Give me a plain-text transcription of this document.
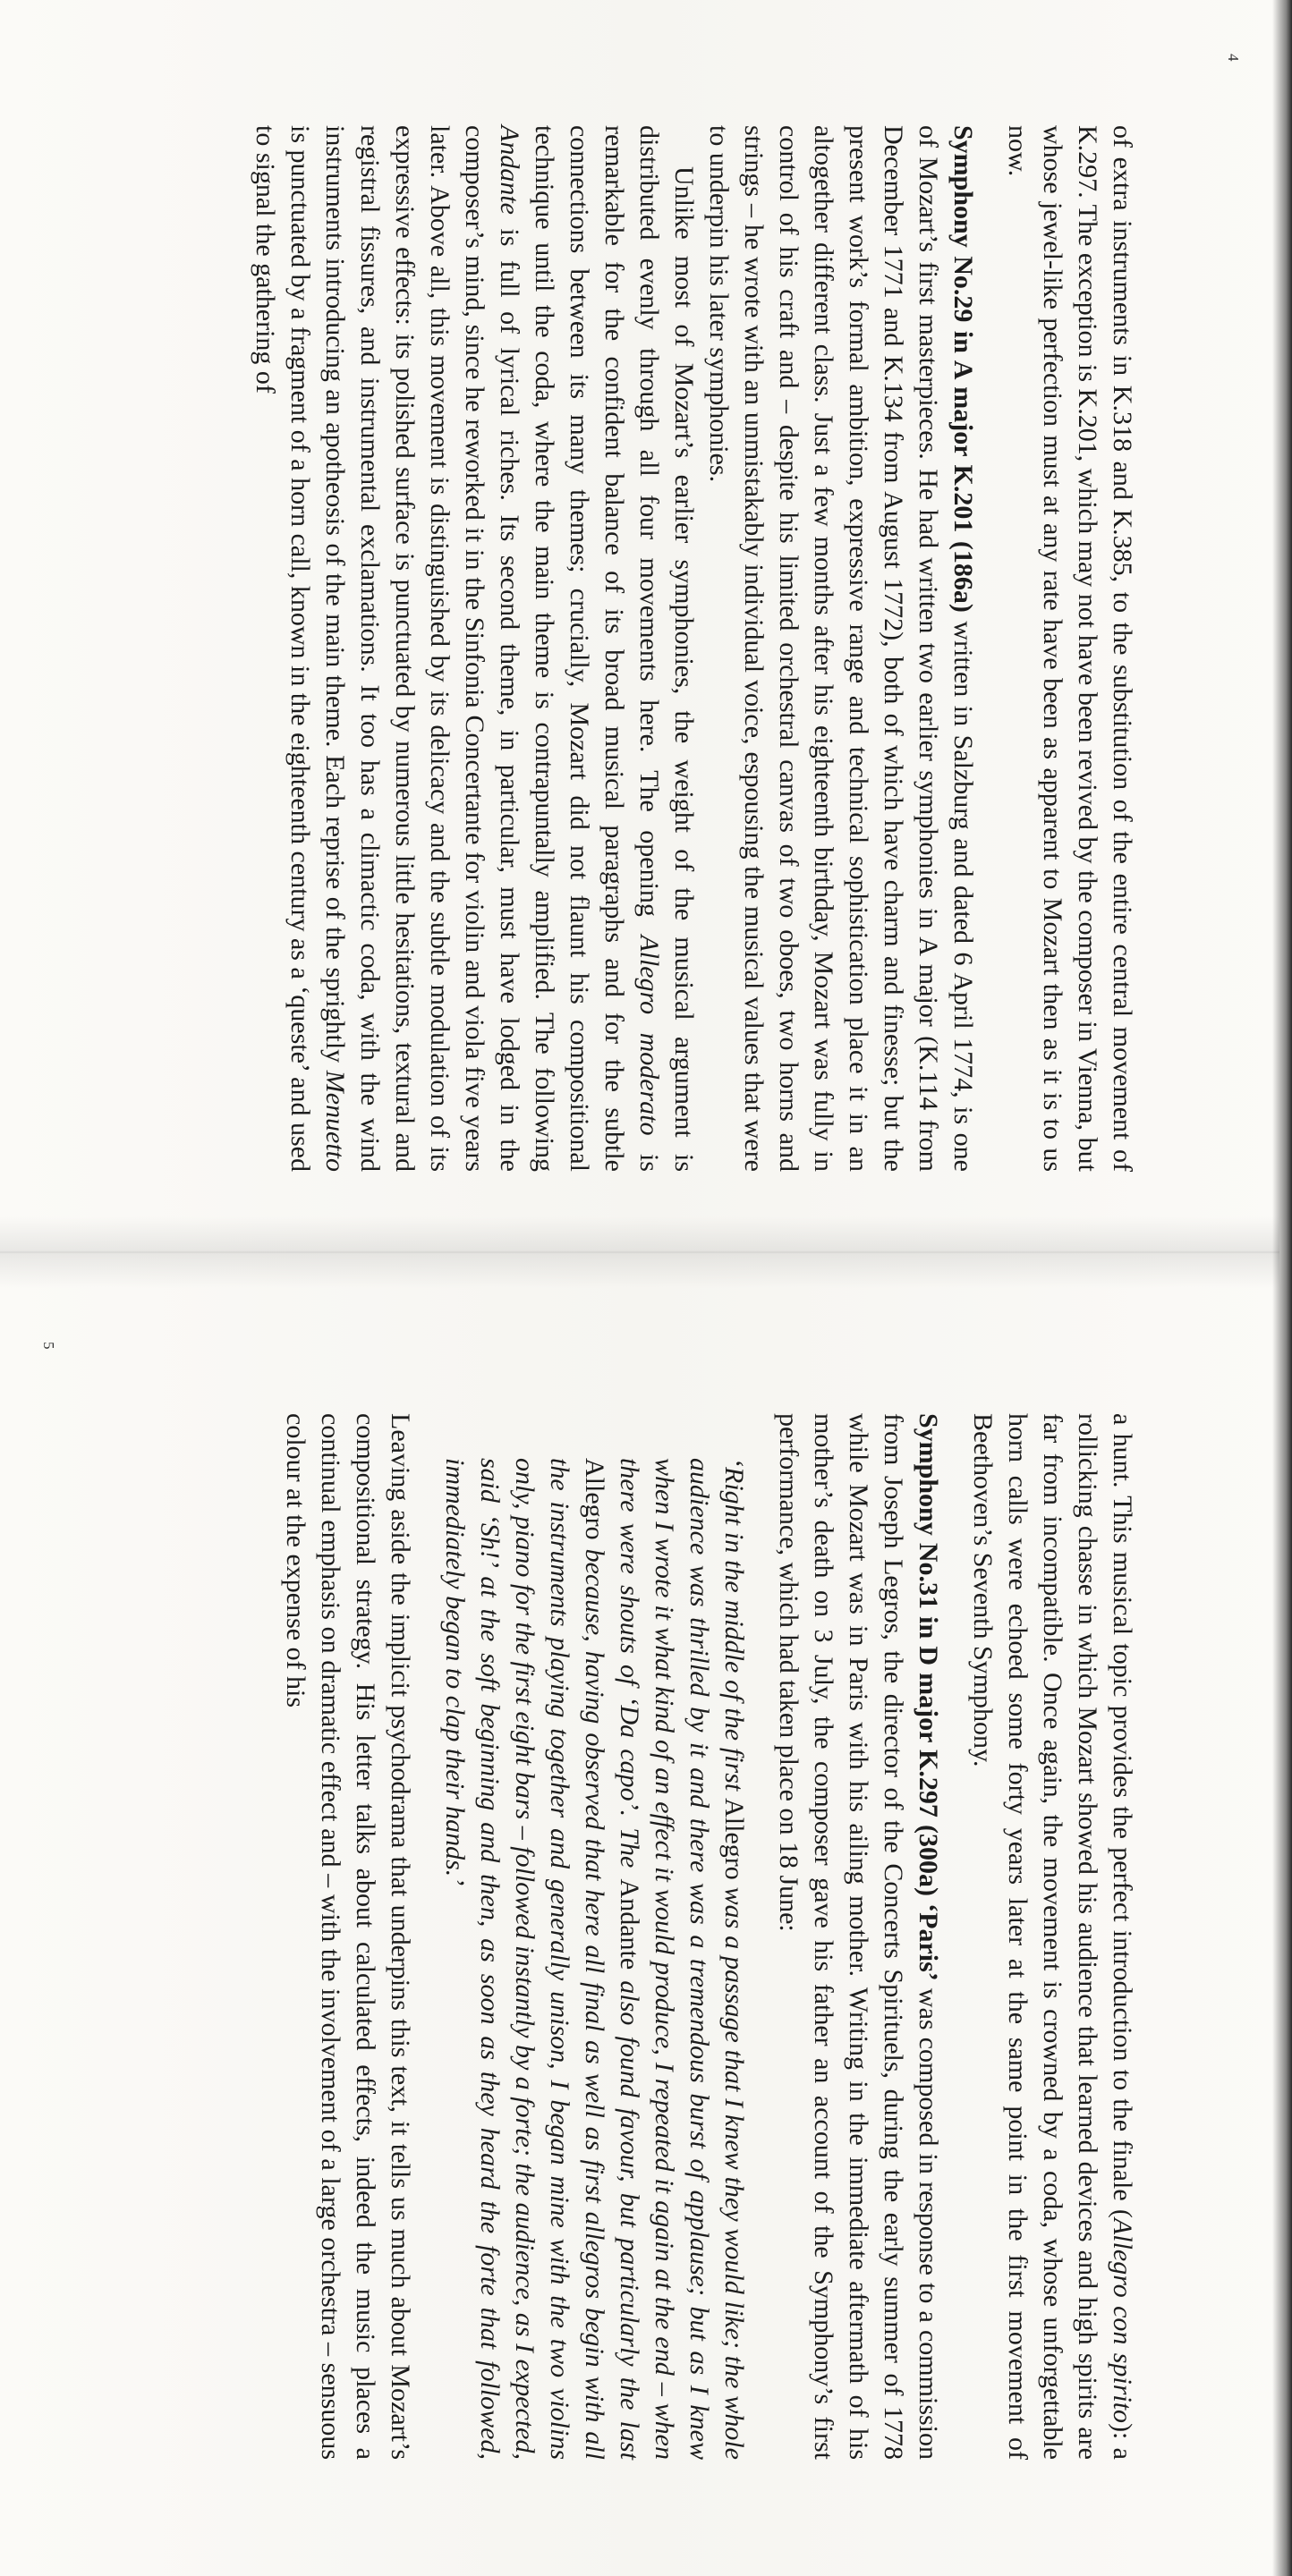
4

of extra instruments in K.318 and K.385, to the substitution of the entire central movement of K.297. The exception is K.201, which may not have been revived by the composer in Vienna, but whose jewel-like perfection must at any rate have been as apparent to Mozart then as it is to us now.

Symphony No.29 in A major K.201 (186a) written in Salzburg and dated 6 April 1774, is one of Mozart’s first masterpieces. He had written two earlier symphonies in A major (K.114 from December 1771 and K.134 from August 1772), both of which have charm and finesse; but the present work’s formal ambition, expressive range and technical sophistication place it in an altogether different class. Just a few months after his eighteenth birthday, Mozart was fully in control of his craft and – despite his limited orchestral canvas of two oboes, two horns and strings – he wrote with an unmistakably individual voice, espousing the musical values that were to underpin his later symphonies.

Unlike most of Mozart’s earlier symphonies, the weight of the musical argument is distributed evenly through all four movements here. The opening Allegro moderato is remarkable for the confident balance of its broad musical paragraphs and for the subtle connections between its many themes; crucially, Mozart did not flaunt his compositional technique until the coda, where the main theme is contrapuntally amplified. The following Andante is full of lyrical riches. Its second theme, in particular, must have lodged in the composer’s mind, since he reworked it in the Sinfonia Concertante for violin and viola five years later. Above all, this movement is distinguished by its delicacy and the subtle modulation of its expressive effects: its polished surface is punctuated by numerous little hesitations, textural and registral fissures, and instrumental exclamations. It too has a climactic coda, with the wind instruments introducing an apotheosis of the main theme. Each reprise of the sprightly Menuetto is punctuated by a fragment of a horn call, known in the eighteenth century as a ‘queste’ and used to signal the gathering of

5

a hunt. This musical topic provides the perfect introduction to the finale (Allegro con spirito): a rollicking chasse in which Mozart showed his audience that learned devices and high spirits are far from incompatible. Once again, the movement is crowned by a coda, whose unforgettable horn calls were echoed some forty years later at the same point in the first movement of Beethoven’s Seventh Symphony.

Symphony No.31 in D major K.297 (300a) ‘Paris’ was composed in response to a commission from Joseph Legros, the director of the Concerts Spirituels, during the early summer of 1778 while Mozart was in Paris with his ailing mother. Writing in the immediate aftermath of his mother’s death on 3 July, the composer gave his father an account of the Symphony’s first performance, which had taken place on 18 June:

‘Right in the middle of the first Allegro was a passage that I knew they would like; the whole audience was thrilled by it and there was a tremendous burst of applause; but as I knew when I wrote it what kind of an effect it would produce, I repeated it again at the end – when there were shouts of ‘Da capo’. The Andante also found favour, but particularly the last Allegro because, having observed that here all final as well as first allegros begin with all the instruments playing together and generally unison, I began mine with the two violins only, piano for the first eight bars – followed instantly by a forte; the audience, as I expected, said ‘Sh!’ at the soft beginning and then, as soon as they heard the forte that followed, immediately began to clap their hands.’

Leaving aside the implicit psychodrama that underpins this text, it tells us much about Mozart’s compositional strategy. His letter talks about calculated effects, indeed the music places a continual emphasis on dramatic effect and – with the involvement of a large orchestra – sensuous colour at the expense of his
